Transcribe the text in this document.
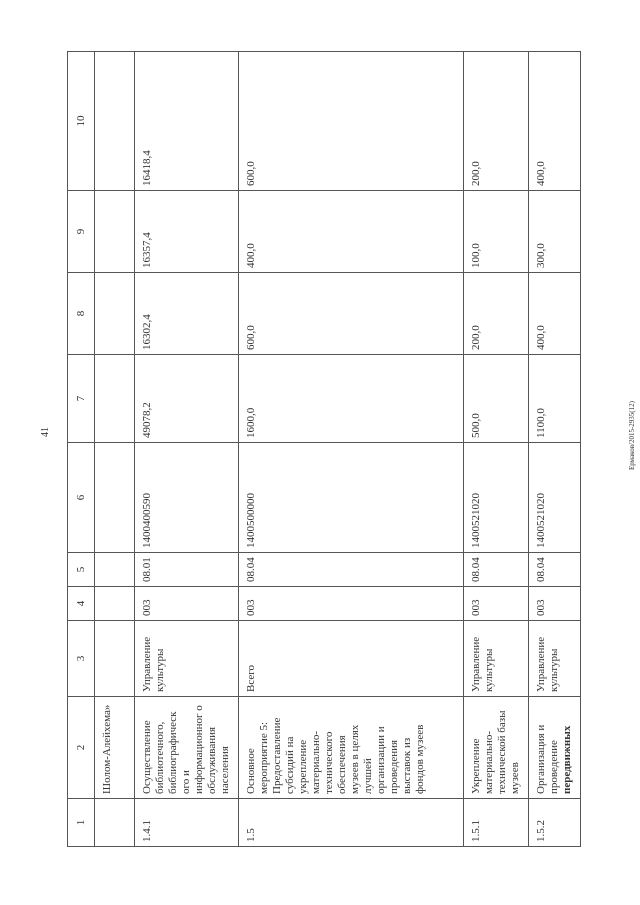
41	Ермаков/2015-2935(12)
1	2	3	4	5	6	7	8	9	10
	Шолом-Алейхема»								
1.4.1	Осуществление библиотечного, библиографическ ого и информационног о обслуживания населения	Управление культуры	003	08.01	1400400590	49078,2	16302,4	16357,4	16418,4
1.5	Основное мероприятие 5: Предоставление субсидий на укрепление материально-технического обеспечения музеев в целях лучшей организации и проведения выставок из фондов музеев	Всего	003	08.04	1400500000	1600,0	600,0	400,0	600,0
1.5.1	Укрепление материально-технической базы музеев	Управление культуры	003	08.04	1400521020	500,0	200,0	100,0	200,0
1.5.2	Организация и проведение передвижных	Управление культуры	003	08.04	1400521020	1100,0	400,0	300,0	400,0
